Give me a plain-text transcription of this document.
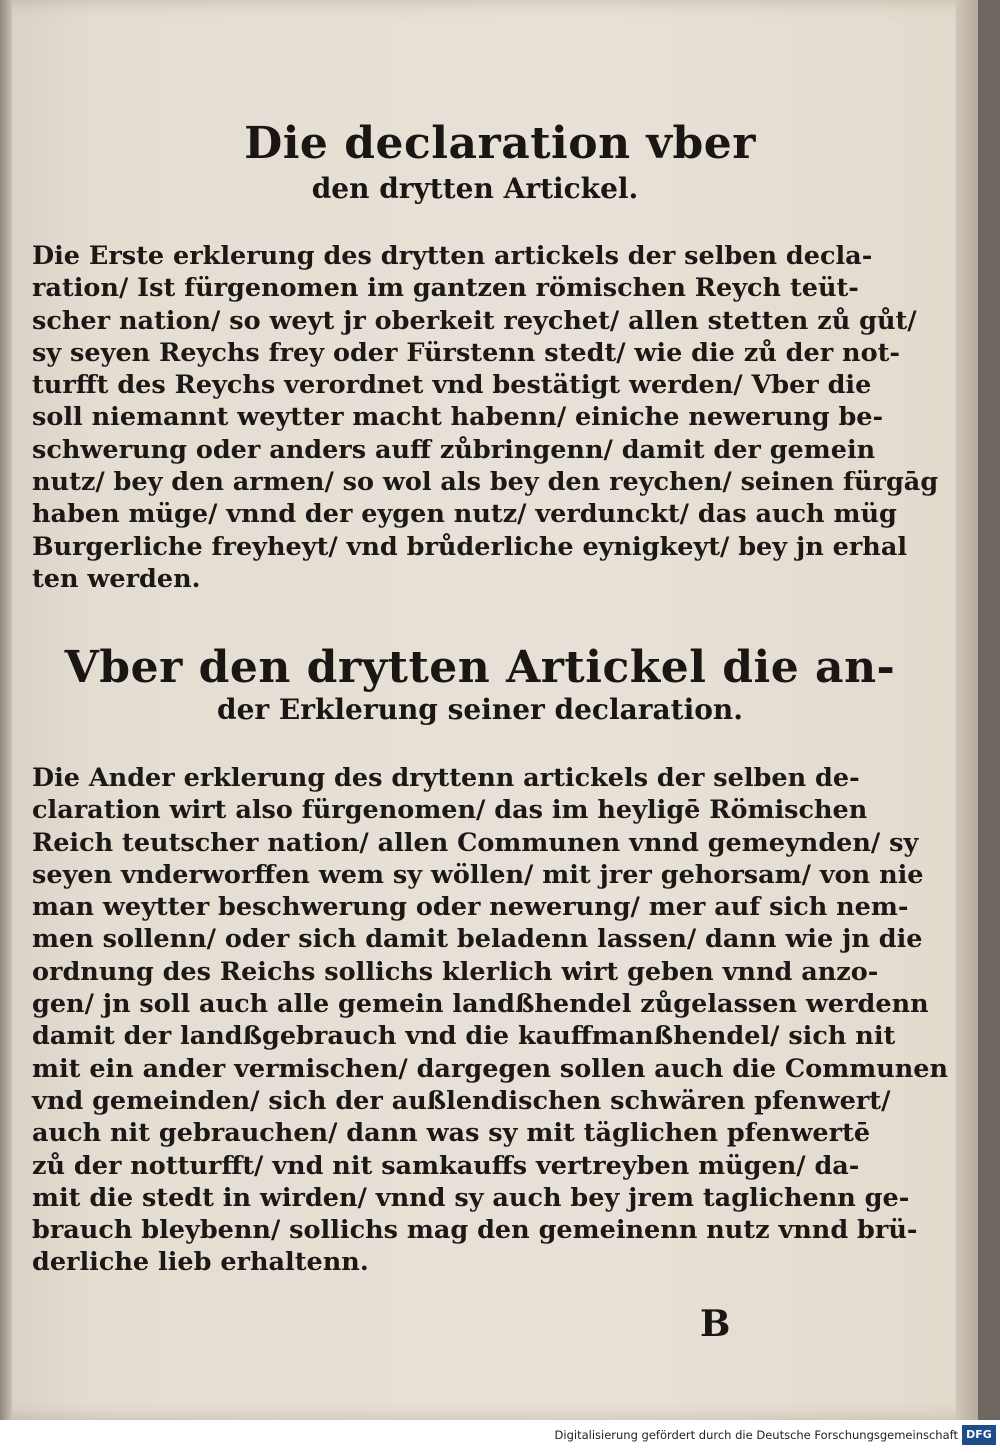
Die declaration vber
den drytten Artickel.
Die Erste erklerung des drytten artickels der selben decla-
ration/ Ist fürgenomen im gantzen römischen Reych teüt-
scher nation/ so weyt jr oberkeit reychet/ allen stetten zů gůt/
sy seyen Reychs frey oder Fürstenn stedt/ wie die zů der not-
turfft des Reychs verordnet vnd bestätigt werden/ Vber die
soll niemannt weytter macht habenn/ einiche newerung be-
schwerung oder anders auff zůbringenn/ damit der gemein
nutz/ bey den armen/ so wol als bey den reychen/ seinen fürgāg
haben müge/ vnnd der eygen nutz/ verdunckt/ das auch müg
Burgerliche freyheyt/ vnd brůderliche eynigkeyt/ bey jn erhal
ten werden.
Vber den drytten Artickel die an-
der Erklerung seiner declaration.
Die Ander erklerung des dryttenn artickels der selben de-
claration wirt also fürgenomen/ das im heyligē Römischen
Reich teutscher nation/ allen Communen vnnd gemeynden/ sy
seyen vnderworffen wem sy wöllen/ mit jrer gehorsam/ von nie
man weytter beschwerung oder newerung/ mer auf sich nem-
men sollenn/ oder sich damit beladenn lassen/ dann wie jn die
ordnung des Reichs sollichs klerlich wirt geben vnnd anzo-
gen/ jn soll auch alle gemein landßhendel zůgelassen werdenn
damit der landßgebrauch vnd die kauffmanßhendel/ sich nit
mit ein ander vermischen/ dargegen sollen auch die Communen
vnd gemeinden/ sich der außlendischen schwären pfenwert/
auch nit gebrauchen/ dann was sy mit täglichen pfenwertē
zů der notturfft/ vnd nit samkauffs vertreyben mügen/ da-
mit die stedt in wirden/ vnnd sy auch bey jrem taglichenn ge-
brauch bleybenn/ sollichs mag den gemeinenn nutz vnnd brü-
derliche lieb erhaltenn.
B
Digitalisierung gefördert durch die Deutsche Forschungsgemeinschaft DFG
